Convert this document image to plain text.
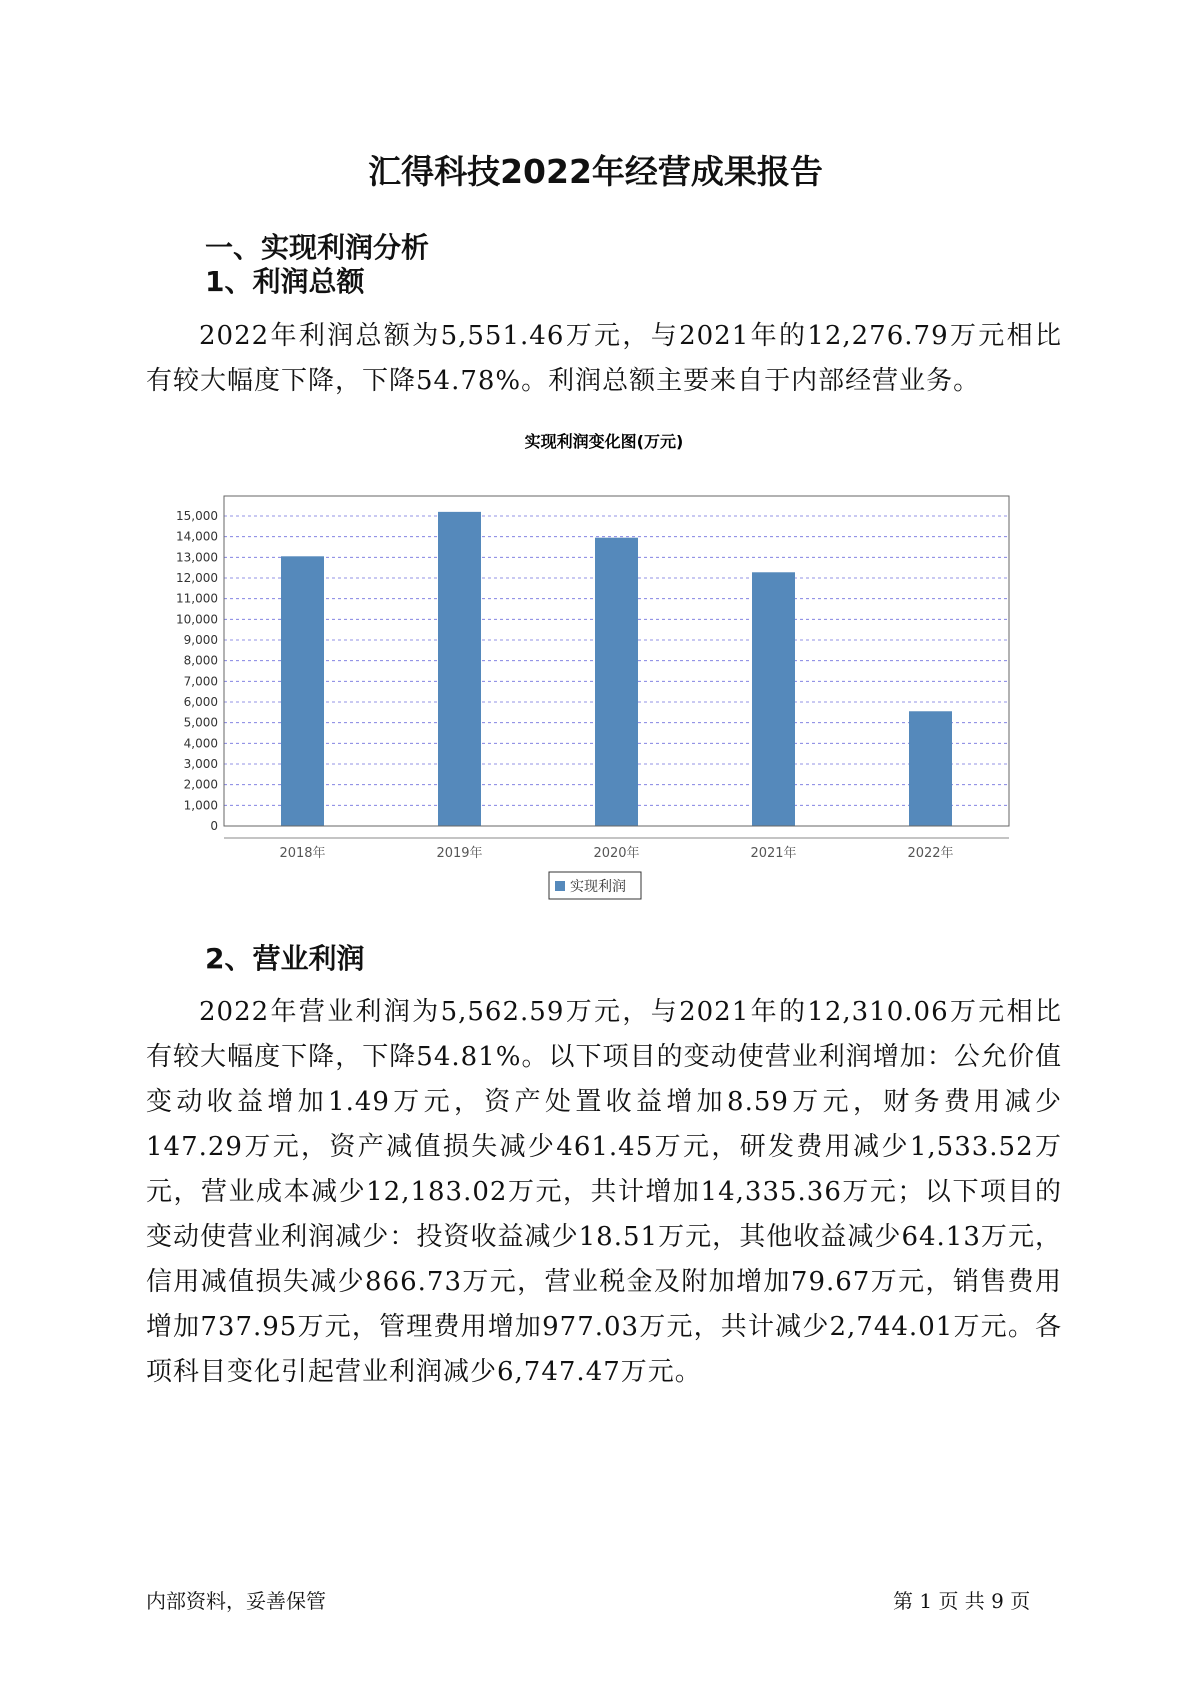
汇得科技2022年经营成果报告
一、实现利润分析
1、利润总额

2022年利润总额为5,551.46万元，与2021年的12,276.79万元相比有较大幅度下降，下降54.78%。利润总额主要来自于内部经营业务。

实现利润变化图(万元)
0
1,000
2,000
3,000
4,000
5,000
6,000
7,000
8,000
9,000
10,000
11,000
12,000
13,000
14,000
15,000
2018年	2019年	2020年	2021年	2022年
实现利润
2、营业利润

2022年营业利润为5,562.59万元，与2021年的12,310.06万元相比有较大幅度下降，下降54.81%。以下项目的变动使营业利润增加：公允价值变动收益增加1.49万元，资产处置收益增加8.59万元，财务费用减少147.29万元，资产减值损失减少461.45万元，研发费用减少1,533.52万元，营业成本减少12,183.02万元，共计增加14,335.36万元；以下项目的变动使营业利润减少：投资收益减少18.51万元，其他收益减少64.13万元，信用减值损失减少866.73万元，营业税金及附加增加79.67万元，销售费用增加737.95万元，管理费用增加977.03万元，共计减少2,744.01万元。各项科目变化引起营业利润减少6,747.47万元。

内部资料，妥善保管	第 1 页 共 9 页
